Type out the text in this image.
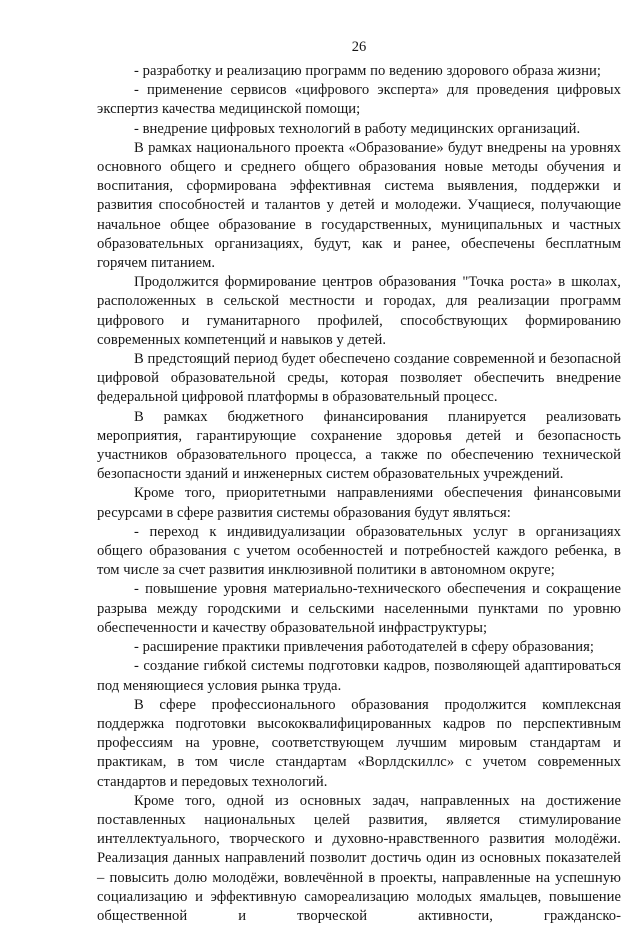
26

- разработку и реализацию программ по ведению здорового образа жизни;

- применение сервисов «цифрового эксперта» для проведения цифровых экспертиз качества медицинской помощи;

- внедрение цифровых технологий в работу медицинских организаций.

В рамках национального проекта «Образование» будут внедрены на уровнях основного общего и среднего общего образования новые методы обучения и воспитания, сформирована эффективная система выявления, поддержки и развития способностей и талантов у детей и молодежи. Учащиеся, получающие начальное общее образование в государственных, муниципальных и частных образовательных организациях, будут, как и ранее, обеспечены бесплатным горячем питанием.

Продолжится формирование центров образования "Точка роста» в школах, расположенных в сельской местности и городах, для реализации программ цифрового и гуманитарного профилей, способствующих формированию современных компетенций и навыков у детей.

В предстоящий период будет обеспечено создание современной и безопасной цифровой образовательной среды, которая позволяет обеспечить внедрение федеральной цифровой платформы в образовательный процесс.

В рамках бюджетного финансирования планируется реализовать мероприятия, гарантирующие сохранение здоровья детей и безопасность участников образовательного процесса, а также по обеспечению технической безопасности зданий и инженерных систем образовательных учреждений.

Кроме того, приоритетными направлениями обеспечения финансовыми ресурсами в сфере развития системы образования будут являться:

- переход к индивидуализации образовательных услуг в организациях общего образования с учетом особенностей и потребностей каждого ребенка, в том числе за счет развития инклюзивной политики в автономном округе;

- повышение уровня материально-технического обеспечения и сокращение разрыва между городскими и сельскими населенными пунктами по уровню обеспеченности и качеству образовательной инфраструктуры;

- расширение практики привлечения работодателей в сферу образования;

- создание гибкой системы подготовки кадров, позволяющей адаптироваться под меняющиеся условия рынка труда.

В сфере профессионального образования продолжится комплексная поддержка подготовки высококвалифицированных кадров по перспективным профессиям на уровне, соответствующем лучшим мировым стандартам и практикам, в том числе стандартам «Ворлдскиллс» с учетом современных стандартов и передовых технологий.

Кроме того, одной из основных задач, направленных на достижение поставленных национальных целей развития, является стимулирование интеллектуального, творческого и духовно-нравственного развития молодёжи. Реализация данных направлений позволит достичь один из основных показателей – повысить долю молодёжи, вовлечённой в проекты, направленные на успешную социализацию и эффективную самореализацию молодых ямальцев, повышение общественной и творческой активности, гражданско-
